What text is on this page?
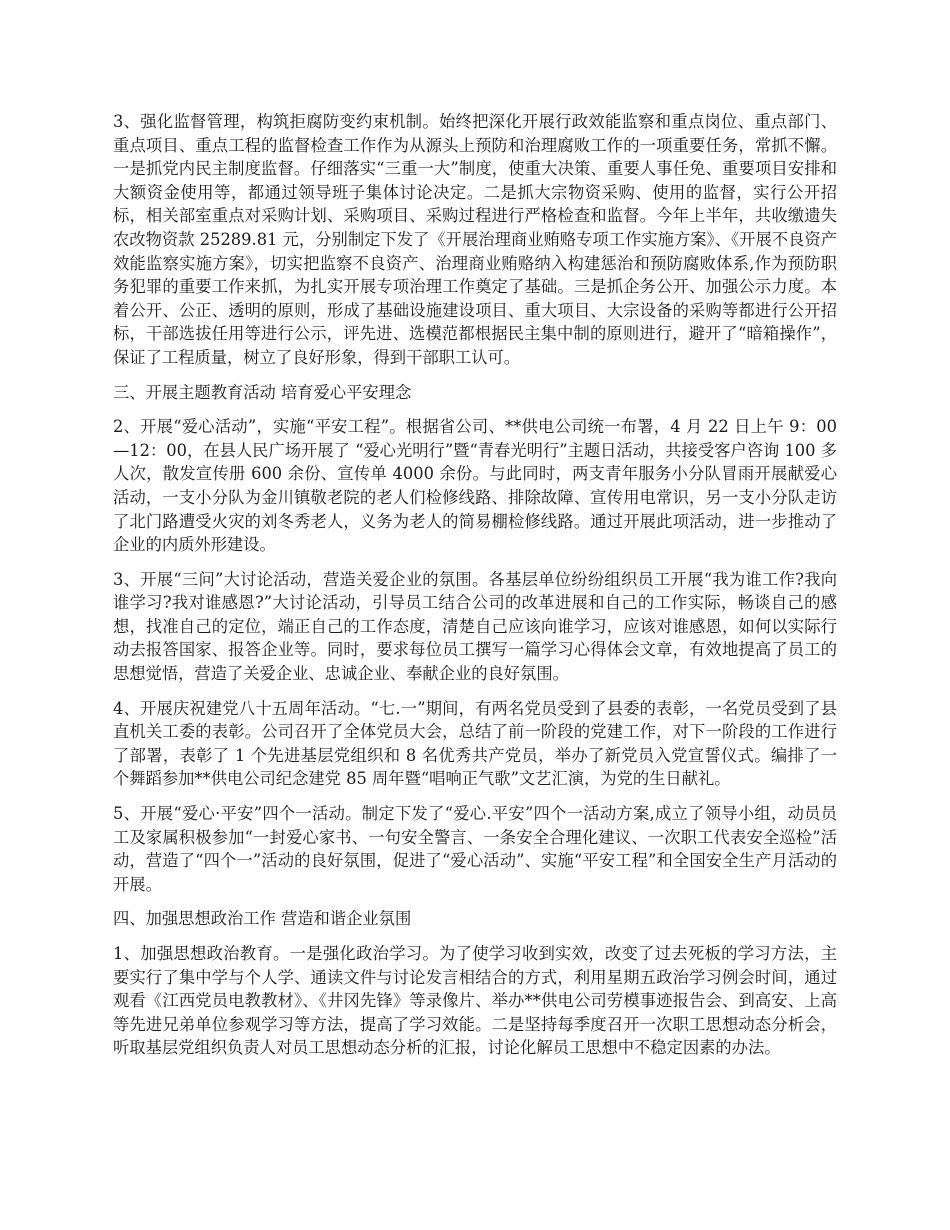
3、强化监督管理，构筑拒腐防变约束机制。始终把深化开展行政效能监察和重点岗位、重点部门、重点项目、重点工程的监督检查工作作为从源头上预防和治理腐败工作的一项重要任务，常抓不懈。一是抓党内民主制度监督。仔细落实“三重一大”制度，使重大决策、重要人事任免、重要项目安排和大额资金使用等，都通过领导班子集体讨论决定。二是抓大宗物资采购、使用的监督，实行公开招标，相关部室重点对采购计划、采购项目、采购过程进行严格检查和监督。今年上半年，共收缴遗失农改物资款 25289.81 元，分别制定下发了《开展治理商业贿赂专项工作实施方案》、《开展不良资产效能监察实施方案》，切实把监察不良资产、治理商业贿赂纳入构建惩治和预防腐败体系,作为预防职务犯罪的重要工作来抓，为扎实开展专项治理工作奠定了基础。三是抓企务公开、加强公示力度。本着公开、公正、透明的原则，形成了基础设施建设项目、重大项目、大宗设备的采购等都进行公开招标，干部选拔任用等进行公示，评先进、选模范都根据民主集中制的原则进行，避开了“暗箱操作”，保证了工程质量，树立了良好形象，得到干部职工认可。

三、开展主题教育活动 培育爱心平安理念

2、开展“爱心活动”，实施“平安工程”。根据省公司、**供电公司统一布署，4 月 22 日上午 9：00—12：00，在县人民广场开展了 “爱心光明行”暨“青春光明行”主题日活动，共接受客户咨询 100 多人次，散发宣传册 600 余份、宣传单 4000 余份。与此同时，两支青年服务小分队冒雨开展献爱心活动，一支小分队为金川镇敬老院的老人们检修线路、排除故障、宣传用电常识，另一支小分队走访了北门路遭受火灾的刘冬秀老人，义务为老人的简易棚检修线路。通过开展此项活动，进一步推动了企业的内质外形建设。

3、开展“三问”大讨论活动，营造关爱企业的氛围。各基层单位纷纷组织员工开展“我为谁工作?我向谁学习?我对谁感恩?”大讨论活动，引导员工结合公司的改革进展和自己的工作实际，畅谈自己的感想，找准自己的定位，端正自己的工作态度，清楚自己应该向谁学习，应该对谁感恩，如何以实际行动去报答国家、报答企业等。同时，要求每位员工撰写一篇学习心得体会文章，有效地提高了员工的思想觉悟，营造了关爱企业、忠诚企业、奉献企业的良好氛围。

4、开展庆祝建党八十五周年活动。“七.一”期间，有两名党员受到了县委的表彰，一名党员受到了县直机关工委的表彰。公司召开了全体党员大会，总结了前一阶段的党建工作，对下一阶段的工作进行了部署，表彰了 1 个先进基层党组织和 8 名优秀共产党员，举办了新党员入党宣誓仪式。编排了一个舞蹈参加**供电公司纪念建党 85 周年暨“唱响正气歌”文艺汇演，为党的生日献礼。

5、开展“爱心·平安”四个一活动。制定下发了“爱心.平安”四个一活动方案,成立了领导小组，动员员工及家属积极参加“一封爱心家书、一句安全警言、一条安全合理化建议、一次职工代表安全巡检”活动，营造了“四个一”活动的良好氛围，促进了“爱心活动”、实施“平安工程”和全国安全生产月活动的开展。

四、加强思想政治工作 营造和谐企业氛围

1、加强思想政治教育。一是强化政治学习。为了使学习收到实效，改变了过去死板的学习方法，主要实行了集中学与个人学、通读文件与讨论发言相结合的方式，利用星期五政治学习例会时间，通过观看《江西党员电教教材》、《井冈先锋》等录像片、举办**供电公司劳模事迹报告会、到高安、上高等先进兄弟单位参观学习等方法，提高了学习效能。二是坚持每季度召开一次职工思想动态分析会，听取基层党组织负责人对员工思想动态分析的汇报，讨论化解员工思想中不稳定因素的办法。
